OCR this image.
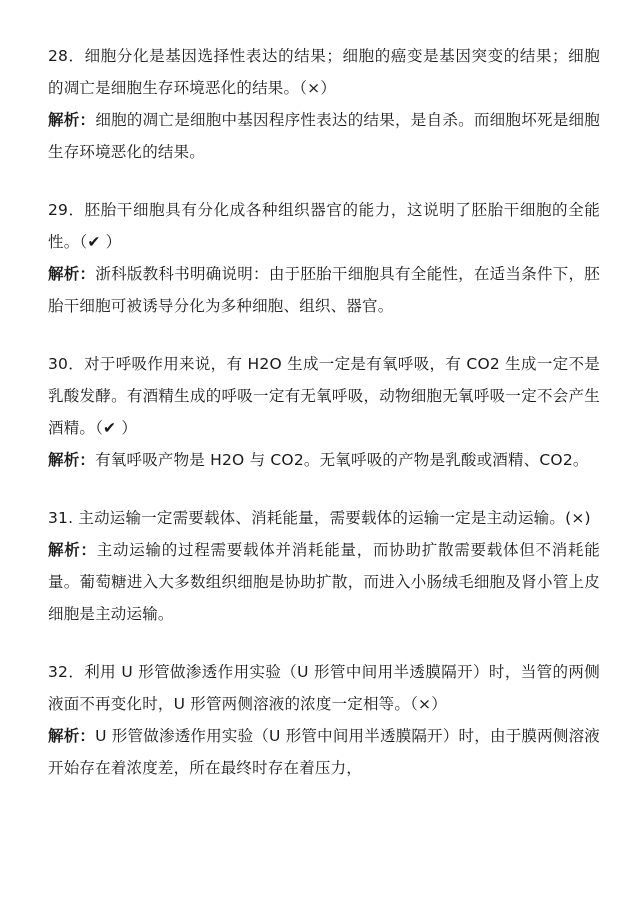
28．细胞分化是基因选择性表达的结果；细胞的癌变是基因突变的结果；细胞的凋亡是细胞生存环境恶化的结果。（×）

解析：细胞的凋亡是细胞中基因程序性表达的结果，是自杀。而细胞坏死是细胞生存环境恶化的结果。

29．胚胎干细胞具有分化成各种组织器官的能力，这说明了胚胎干细胞的全能性。（✔ ）

解析：浙科版教科书明确说明：由于胚胎干细胞具有全能性，在适当条件下，胚胎干细胞可被诱导分化为多种细胞、组织、器官。

30．对于呼吸作用来说，有 H2O 生成一定是有氧呼吸，有 CO2 生成一定不是乳酸发酵。有酒精生成的呼吸一定有无氧呼吸，动物细胞无氧呼吸一定不会产生酒精。（✔ ）

解析：有氧呼吸产物是 H2O 与 CO2。无氧呼吸的产物是乳酸或酒精、CO2。

31. 主动运输一定需要载体、消耗能量，需要载体的运输一定是主动运输。(×)

解析：主动运输的过程需要载体并消耗能量，而协助扩散需要载体但不消耗能量。葡萄糖进入大多数组织细胞是协助扩散，而进入小肠绒毛细胞及肾小管上皮细胞是主动运输。

32．利用 U 形管做渗透作用实验（U 形管中间用半透膜隔开）时，当管的两侧液面不再变化时，U 形管两侧溶液的浓度一定相等。（×）

解析：U 形管做渗透作用实验（U 形管中间用半透膜隔开）时，由于膜两侧溶液开始存在着浓度差，所在最终时存在着压力，
